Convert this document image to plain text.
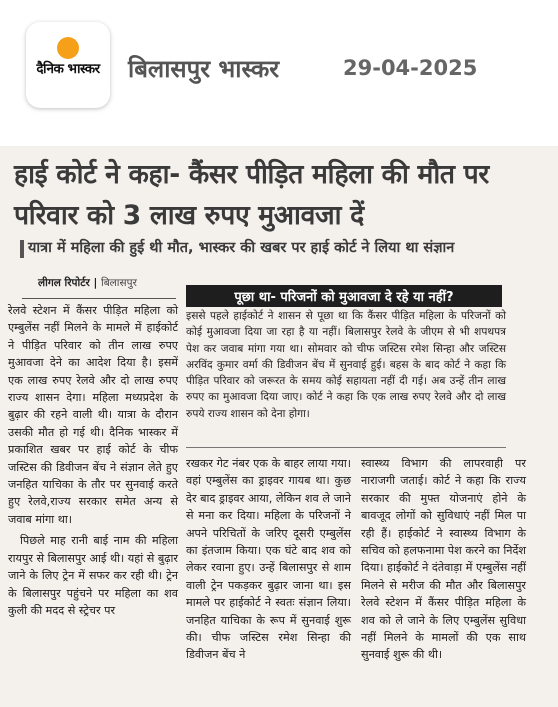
दैनिक भास्कर बिलासपुर भास्कर	29-04-2025
हाई कोर्ट ने कहा- कैंसर पीड़ित महिला की मौत पर परिवार को 3 लाख रुपए मुआवजा दें
यात्रा में महिला की हुई थी मौत, भास्कर की खबर पर हाई कोर्ट ने लिया था संज्ञान
लीगल रिपोर्टर | बिलासपुर

रेलवे स्टेशन में कैंसर पीड़ित महिला को एम्बुलेंस नहीं मिलने के मामले में हाईकोर्ट ने पीड़ित परिवार को तीन लाख रुपए मुआवजा देने का आदेश दिया है। इसमें एक लाख रुपए रेलवे और दो लाख रुपए राज्य शासन देगा। महिला मध्यप्रदेश के बुढ़ार की रहने वाली थी। यात्रा के दौरान उसकी मौत हो गई थी। दैनिक भास्कर में प्रकाशित खबर पर हाई कोर्ट के चीफ जस्टिस की डिवीजन बेंच ने संज्ञान लेते हुए जनहित याचिका के तौर पर सुनवाई करते हुए रेलवे,राज्य सरकार समेत अन्य से जवाब मांगा था।

पिछले माह रानी बाई नाम की महिला रायपुर से बिलासपुर आई थी। यहां से बुढ़ार जाने के लिए ट्रेन में सफर कर रही थी। ट्रेन के बिलासपुर पहुंचने पर महिला का शव कुली की मदद से स्ट्रेचर पर

पूछा था- परिजनों को मुआवजा दे रहे या नहीं?
इससे पहले हाईकोर्ट ने शासन से पूछा था कि कैंसर पीड़ित महिला के परिजनों को कोई मुआवजा दिया जा रहा है या नहीं। बिलासपुर रेलवे के जीएम से भी शपथपत्र पेश कर जवाब मांगा गया था। सोमवार को चीफ जस्टिस रमेश सिन्हा और जस्टिस अरविंद कुमार वर्मा की डिवीजन बेंच में सुनवाई हुई। बहस के बाद कोर्ट ने कहा कि पीड़ित परिवार को जरूरत के समय कोई सहायता नहीं दी गई। अब उन्हें तीन लाख रुपए का मुआवजा दिया जाए। कोर्ट ने कहा कि एक लाख रुपए रेलवे और दो लाख रुपये राज्य शासन को देना होगा।

रखकर गेट नंबर एक के बाहर लाया गया। वहां एम्बुलेंस का ड्राइवर गायब था। कुछ देर बाद ड्राइवर आया, लेकिन शव ले जाने से मना कर दिया। महिला के परिजनों ने अपने परिचितों के जरिए दूसरी एम्बुलेंस का इंतजाम किया। एक घंटे बाद शव को लेकर रवाना हुए। उन्हें बिलासपुर से शाम वाली ट्रेन पकड़कर बुढ़ार जाना था। इस मामले पर हाईकोर्ट ने स्वतः संज्ञान लिया। जनहित याचिका के रूप में सुनवाई शुरू की। चीफ जस्टिस रमेश सिन्हा की डिवीजन बेंच ने

स्वास्थ्य विभाग की लापरवाही पर नाराजगी जताई। कोर्ट ने कहा कि राज्य सरकार की मुफ्त योजनाएं होने के बावजूद लोगों को सुविधाएं नहीं मिल पा रही हैं। हाईकोर्ट ने स्वास्थ्य विभाग के सचिव को हलफनामा पेश करने का निर्देश दिया। हाईकोर्ट ने दंतेवाड़ा में एम्बुलेंस नहीं मिलने से मरीज की मौत और बिलासपुर रेलवे स्टेशन में कैंसर पीड़ित महिला के शव को ले जाने के लिए एम्बुलेंस सुविधा नहीं मिलने के मामलों की एक साथ सुनवाई शुरू की थी।
